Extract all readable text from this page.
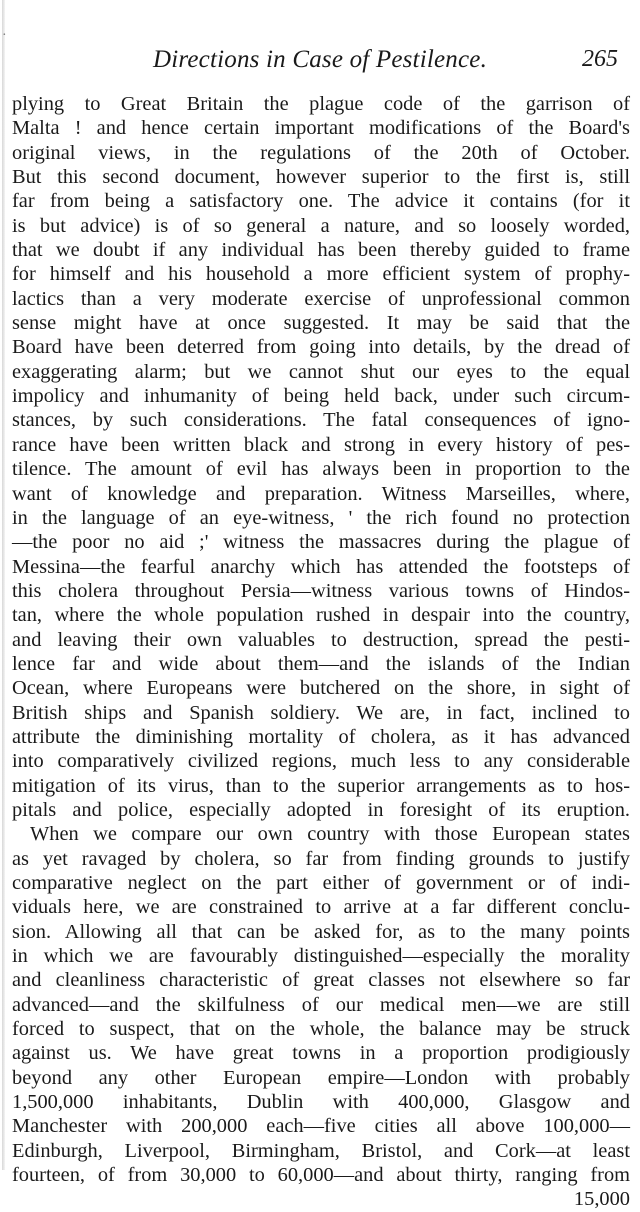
·
Directions in Case of Pestilence.	265
plying to Great Britain the plague code of the garrison of
Malta ! and hence certain important modifications of the Board's
original views, in the regulations of the 20th of October.
But this second document, however superior to the first is, still
far from being a satisfactory one. The advice it contains (for it
is but advice) is of so general a nature, and so loosely worded,
that we doubt if any individual has been thereby guided to frame
for himself and his household a more efficient system of prophy-
lactics than a very moderate exercise of unprofessional common
sense might have at once suggested. It may be said that the
Board have been deterred from going into details, by the dread of
exaggerating alarm; but we cannot shut our eyes to the equal
impolicy and inhumanity of being held back, under such circum-
stances, by such considerations. The fatal consequences of igno-
rance have been written black and strong in every history of pes-
tilence. The amount of evil has always been in proportion to the
want of knowledge and preparation. Witness Marseilles, where,
in the language of an eye-witness, ' the rich found no protection
—the poor no aid ;' witness the massacres during the plague of
Messina—the fearful anarchy which has attended the footsteps of
this cholera throughout Persia—witness various towns of Hindos-
tan, where the whole population rushed in despair into the country,
and leaving their own valuables to destruction, spread the pesti-
lence far and wide about them—and the islands of the Indian
Ocean, where Europeans were butchered on the shore, in sight of
British ships and Spanish soldiery. We are, in fact, inclined to
attribute the diminishing mortality of cholera, as it has advanced
into comparatively civilized regions, much less to any considerable
mitigation of its virus, than to the superior arrangements as to hos-
pitals and police, especially adopted in foresight of its eruption.
When we compare our own country with those European states
as yet ravaged by cholera, so far from finding grounds to justify
comparative neglect on the part either of government or of indi-
viduals here, we are constrained to arrive at a far different conclu-
sion. Allowing all that can be asked for, as to the many points
in which we are favourably distinguished—especially the morality
and cleanliness characteristic of great classes not elsewhere so far
advanced—and the skilfulness of our medical men—we are still
forced to suspect, that on the whole, the balance may be struck
against us. We have great towns in a proportion prodigiously
beyond any other European empire—London with probably
1,500,000 inhabitants, Dublin with 400,000, Glasgow and
Manchester with 200,000 each—five cities all above 100,000—
Edinburgh, Liverpool, Birmingham, Bristol, and Cork—at least
fourteen, of from 30,000 to 60,000—and about thirty, ranging from
15,000
